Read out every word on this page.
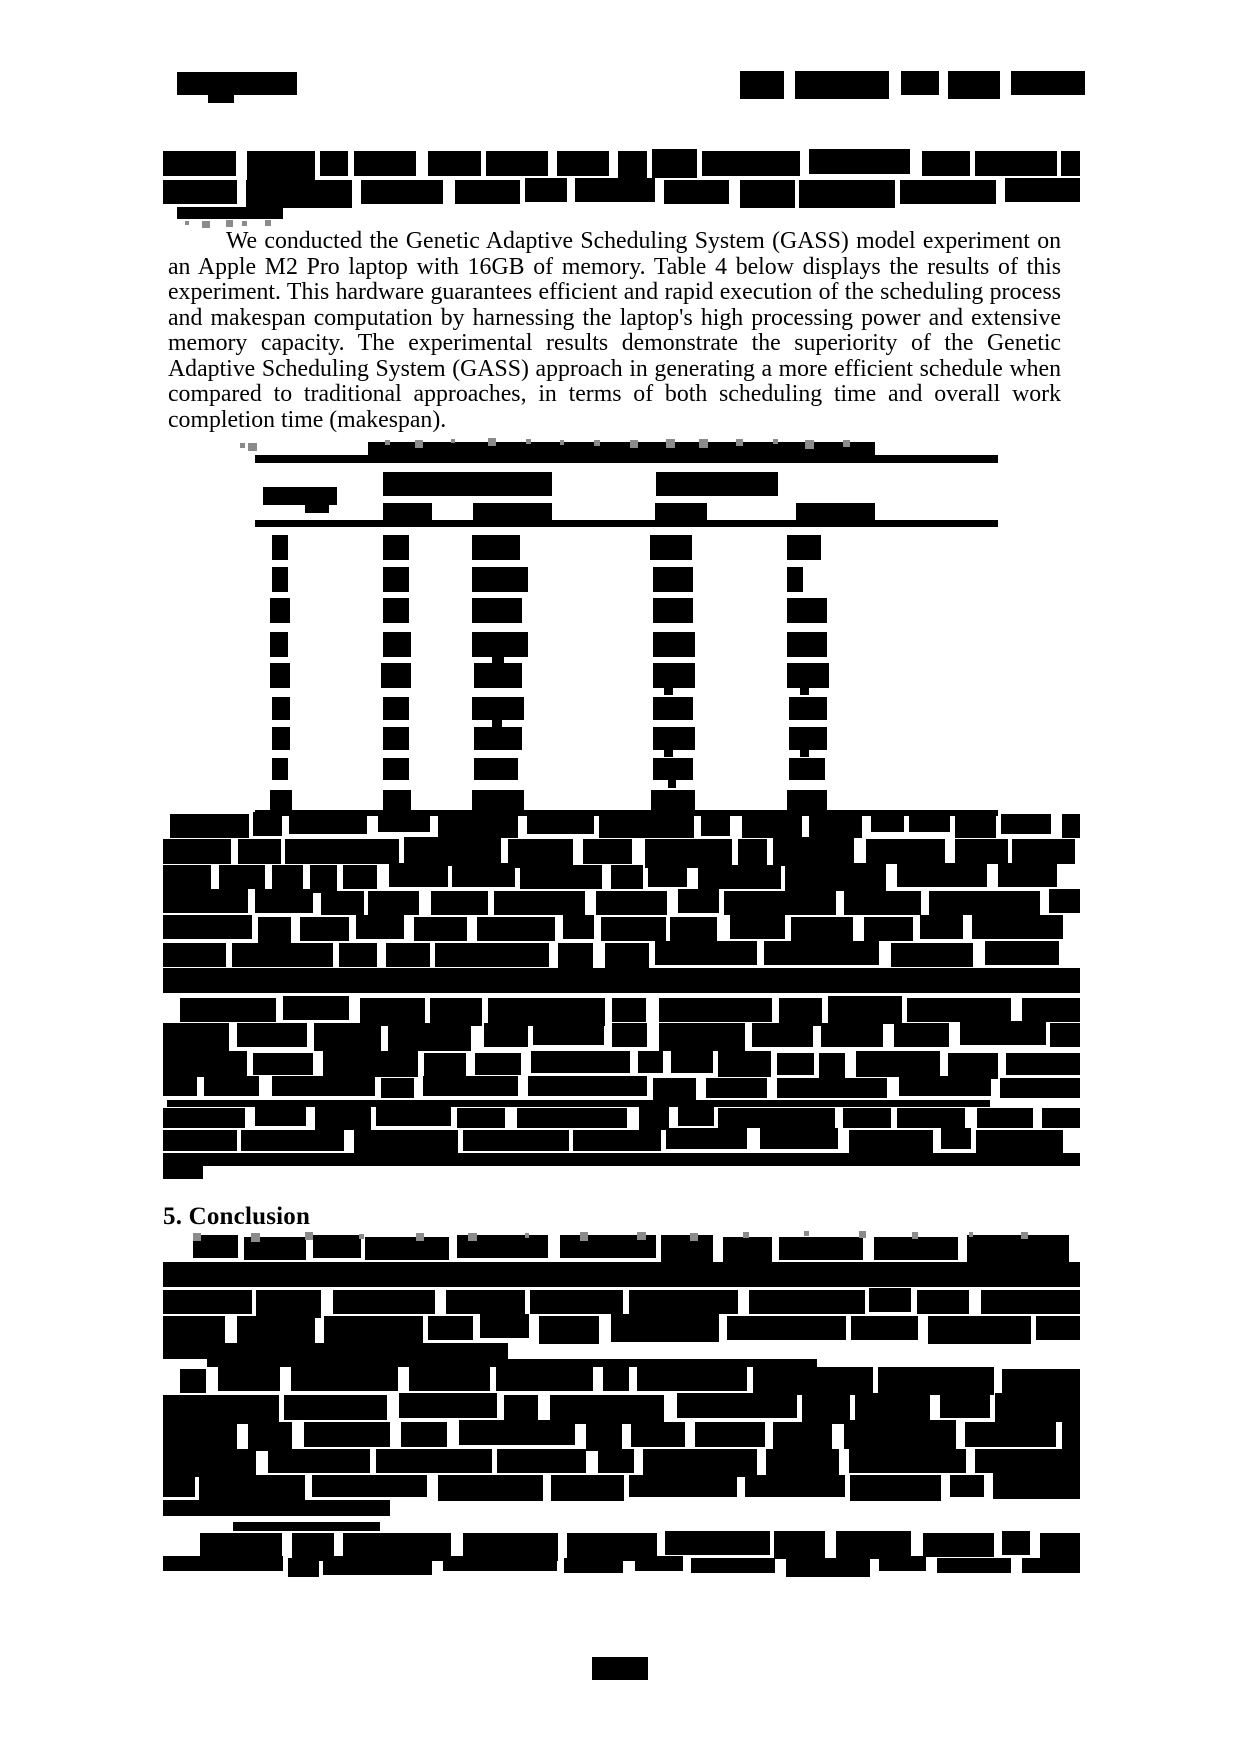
We conducted the Genetic Adaptive Scheduling System (GASS) model experiment on an Apple M2 Pro laptop with 16GB of memory. Table 4 below displays the results of this experiment. This hardware guarantees efficient and rapid execution of the scheduling process and makespan computation by harnessing the laptop's high processing power and extensive memory capacity. The experimental results demonstrate the superiority of the Genetic Adaptive Scheduling System (GASS) approach in generating a more efficient schedule when compared to traditional approaches, in terms of both scheduling time and overall work completion time (makespan).

5. Conclusion
